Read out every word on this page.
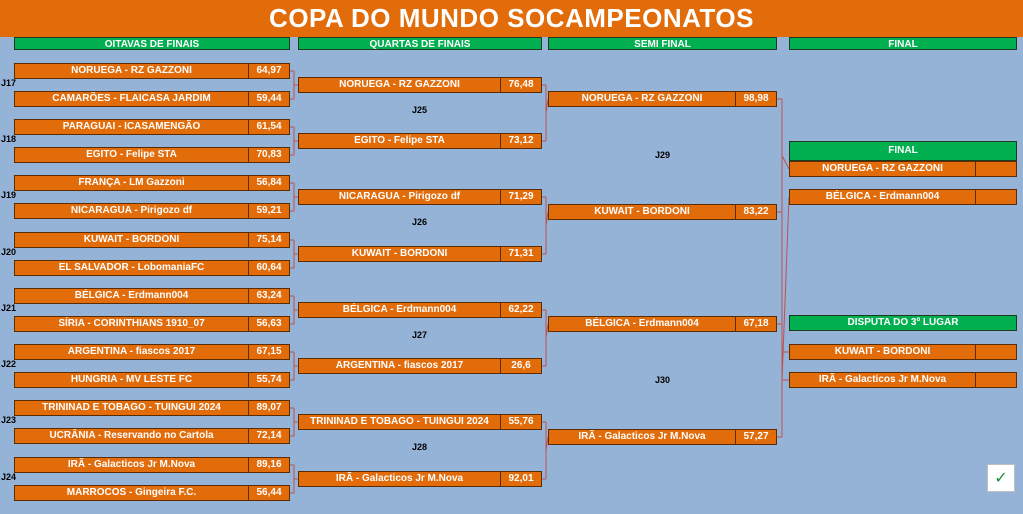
COPA DO MUNDO SOCAMPEONATOS
OITAVAS DE FINAIS	QUARTAS DE FINAIS	SEMI FINAL	FINAL
FINAL
DISPUTA DO 3º LUGAR
NORUEGA - RZ GAZZONI	64,97
CAMARÕES - FLAICASA JARDIM	59,44
J17
PARAGUAI - ICASAMENGÃO	61,54
EGITO - Felipe STA	70,83
J18
FRANÇA - LM Gazzoni	56,84
NICARAGUA - Pirigozo df	59,21
J19
KUWAIT - BORDONI	75,14
EL SALVADOR - LobomaniaFC	60,64
J20
BÉLGICA - Erdmann004	63,24
SÍRIA - CORINTHIANS 1910_07	56,63
J21
ARGENTINA - fiascos 2017	67,15
HUNGRIA - MV LESTE FC	55,74
J22
TRININAD E TOBAGO - TUINGUI 2024	89,07
UCRÂNIA - Reservando no Cartola	72,14
J23
IRÃ - Galacticos Jr M.Nova	89,16
MARROCOS - Gingeira F.C.	56,44
J24
NORUEGA - RZ GAZZONI	76,48
EGITO - Felipe STA	73,12
J25
NICARAGUA - Pirigozo df	71,29
KUWAIT - BORDONI	71,31
J26
BÉLGICA - Erdmann004	62,22
ARGENTINA - fiascos 2017	26,6
J27
TRININAD E TOBAGO - TUINGUI 2024	55,76
IRÃ - Galacticos Jr M.Nova	92,01
J28
NORUEGA - RZ GAZZONI	98,98
KUWAIT - BORDONI	83,22
J29
BÉLGICA - Erdmann004	67,18
IRÃ - Galacticos Jr M.Nova	57,27
J30
NORUEGA - RZ GAZZONI
BÉLGICA - Erdmann004
KUWAIT - BORDONI
IRÃ - Galacticos Jr M.Nova
✓
